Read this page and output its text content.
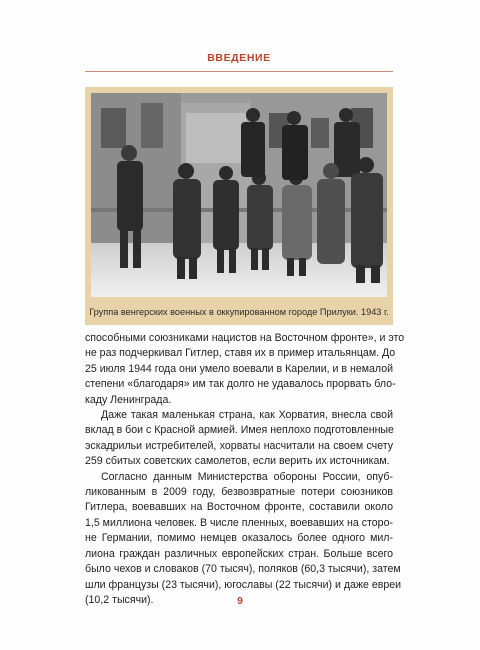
ВВЕДЕНИЕ
Группа венгерских военных в оккупированном городе Прилуки. 1943 г.
способными союзниками нацистов на Восточном фронте», и это
не раз подчеркивал Гитлер, ставя их в пример итальянцам. До
25 июля 1944 года они умело воевали в Карелии, и в немалой
степени «благодаря» им так долго не удавалось прорвать бло-
каду Ленинграда.
Даже такая маленькая страна, как Хорватия, внесла свой
вклад в бои с Красной армией. Имея неплохо подготовленные
эскадрильи истребителей, хорваты насчитали на своем счету
259 сбитых советских самолетов, если верить их источникам.
Согласно данным Министерства обороны России, опуб-
ликованным в 2009 году, безвозвратные потери союзников
Гитлера, воевавших на Восточном фронте, составили около
1,5 миллиона человек. В числе пленных, воевавших на сторо-
не Германии, помимо немцев оказалось более одного мил-
лиона граждан различных европейских стран. Больше всего
было чехов и словаков (70 тысяч), поляков (60,3 тысячи), затем
шли французы (23 тысячи), югославы (22 тысячи) и даже евреи
(10,2 тысячи).	9
